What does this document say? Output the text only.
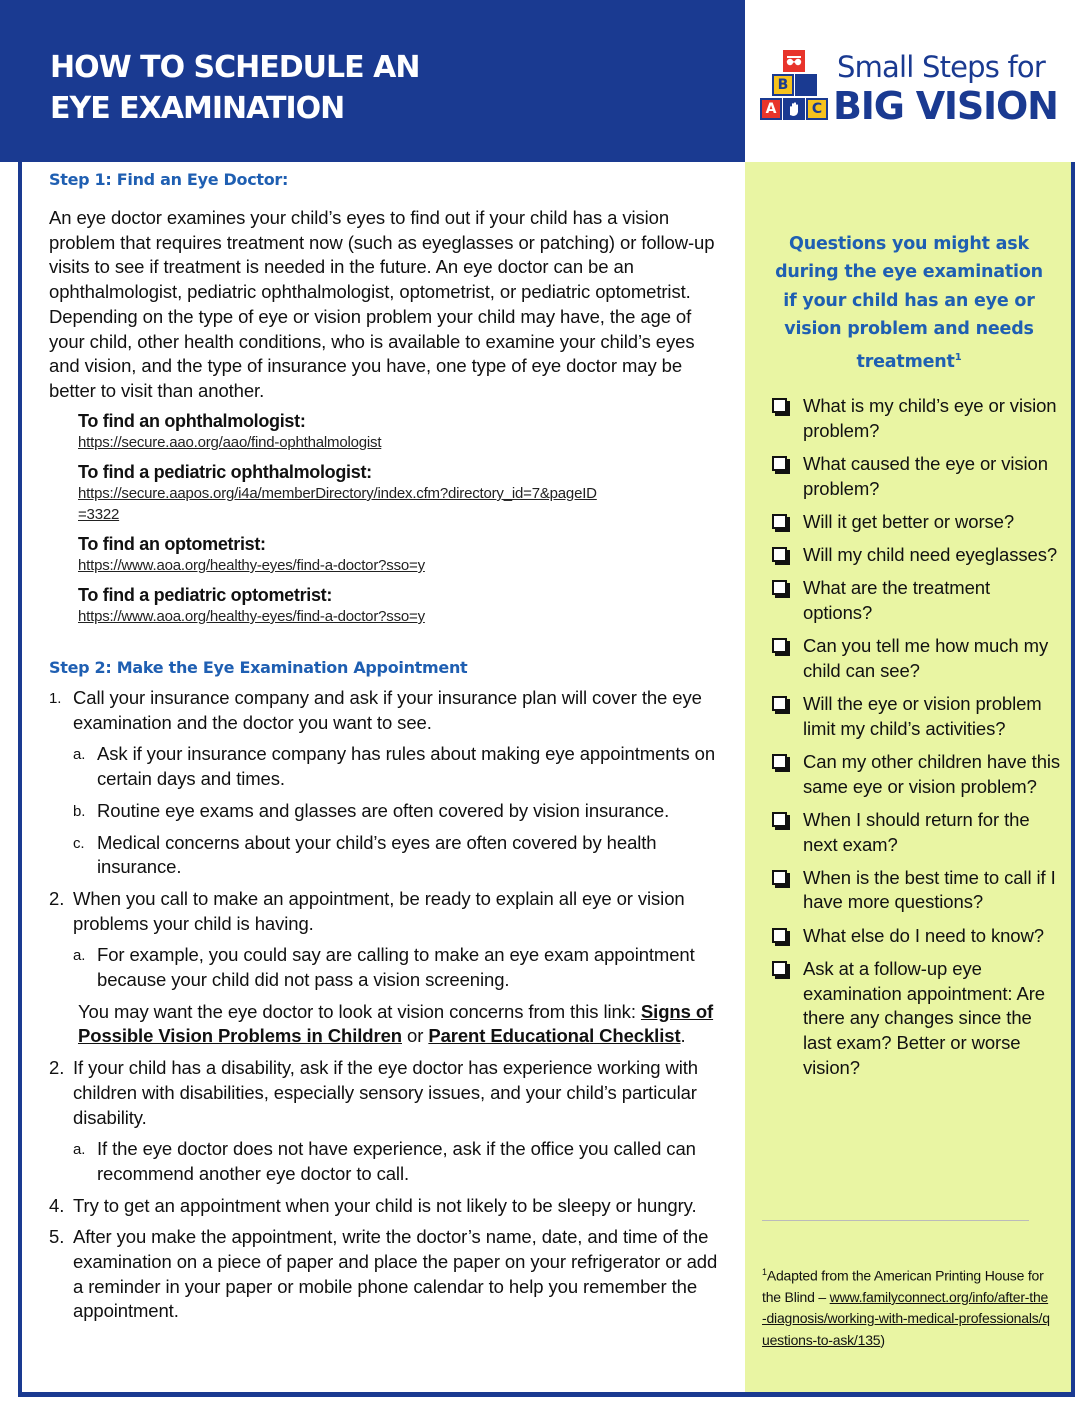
HOW TO SCHEDULE AN
EYE EXAMINATION
B
A	C
Small Steps for
BIG VISION
Step 1: Find an Eye Doctor:

An eye doctor examines your child’s eyes to find out if your child has a vision problem that requires treatment now (such as eyeglasses or patching) or follow-up visits to see if treatment is needed in the future. An eye doctor can be an ophthalmologist, pediatric ophthalmologist, optometrist, or pediatric optometrist. Depending on the type of eye or vision problem your child may have, the age of your child, other health conditions, who is available to examine your child’s eyes and vision, and the type of insurance you have, one type of eye doctor may be better to visit than another.

To find an ophthalmologist:
https://secure.aao.org/aao/find-ophthalmologist
To find a pediatric ophthalmologist:
https://secure.aapos.org/i4a/memberDirectory/index.cfm?directory_id=7&pageID=3322
To find an optometrist:
https://www.aoa.org/healthy-eyes/find-a-doctor?sso=y
To find a pediatric optometrist:
https://www.aoa.org/healthy-eyes/find-a-doctor?sso=y
Step 2: Make the Eye Examination Appointment
1. Call your insurance company and ask if your insurance plan will cover the eye examination and the doctor you want to see.
a. Ask if your insurance company has rules about making eye appointments on certain days and times.
b. Routine eye exams and glasses are often covered by vision insurance.
c. Medical concerns about your child’s eyes are often covered by health insurance.
2. When you call to make an appointment, be ready to explain all eye or vision problems your child is having.
a. For example, you could say are calling to make an eye exam appointment because your child did not pass a vision screening.
You may want the eye doctor to look at vision concerns from this link: Signs of Possible Vision Problems in Children or Parent Educational Checklist.
2. If your child has a disability, ask if the eye doctor has experience working with children with disabilities, especially sensory issues, and your child’s particular disability.
a. If the eye doctor does not have experience, ask if the office you called can recommend another eye doctor to call.
4. Try to get an appointment when your child is not likely to be sleepy or hungry.
5. After you make the appointment, write the doctor’s name, date, and time of the examination on a piece of paper and place the paper on your refrigerator or add a reminder in your paper or mobile phone calendar to help you remember the appointment.
Questions you might ask during the eye examination if your child has an eye or vision problem and needs treatment$^1$
What is my child’s eye or vision problem?
What caused the eye or vision problem?
Will it get better or worse?
Will my child need eyeglasses?
What are the treatment options?
Can you tell me how much my child can see?
Will the eye or vision problem limit my child’s activities?
Can my other children have this same eye or vision problem?
When I should return for the next exam?
When is the best time to call if I have more questions?
What else do I need to know?
Ask at a follow-up eye examination appointment: Are there any changes since the last exam? Better or worse vision?

$^1$Adapted from the American Printing House for the Blind – www.familyconnect.org/info/after-the-diagnosis/working-with-medical-professionals/questions-to-ask/135)
